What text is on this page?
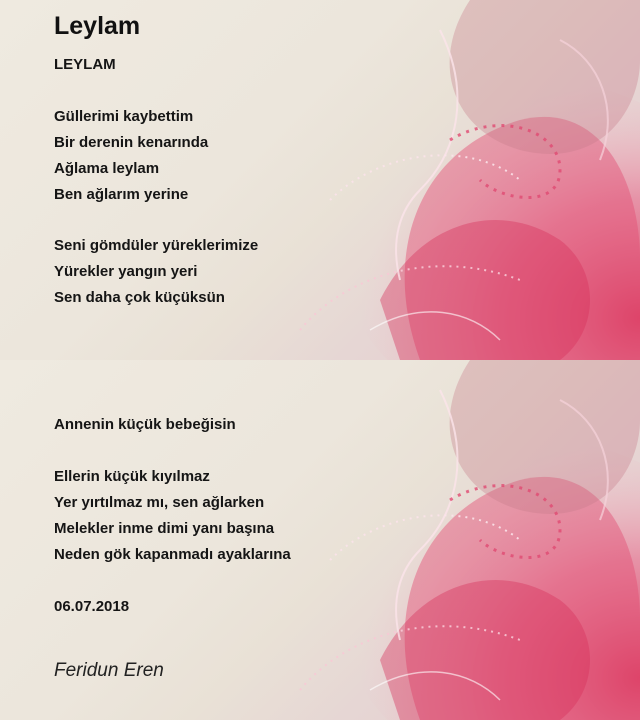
Leylam
LEYLAM
Güllerimi kaybettim
Bir derenin kenarında
Ağlama leylam
Ben ağlarım yerine
Seni gömdüler yüreklerimize
Yürekler yangın yeri
Sen daha çok küçüksün
Annenin küçük bebeğisin
Ellerin küçük kıyılmaz
Yer yırtılmaz mı, sen ağlarken
Melekler inme dimi yanı başına
Neden gök kapanmadı ayaklarına
06.07.2018
Feridun Eren
